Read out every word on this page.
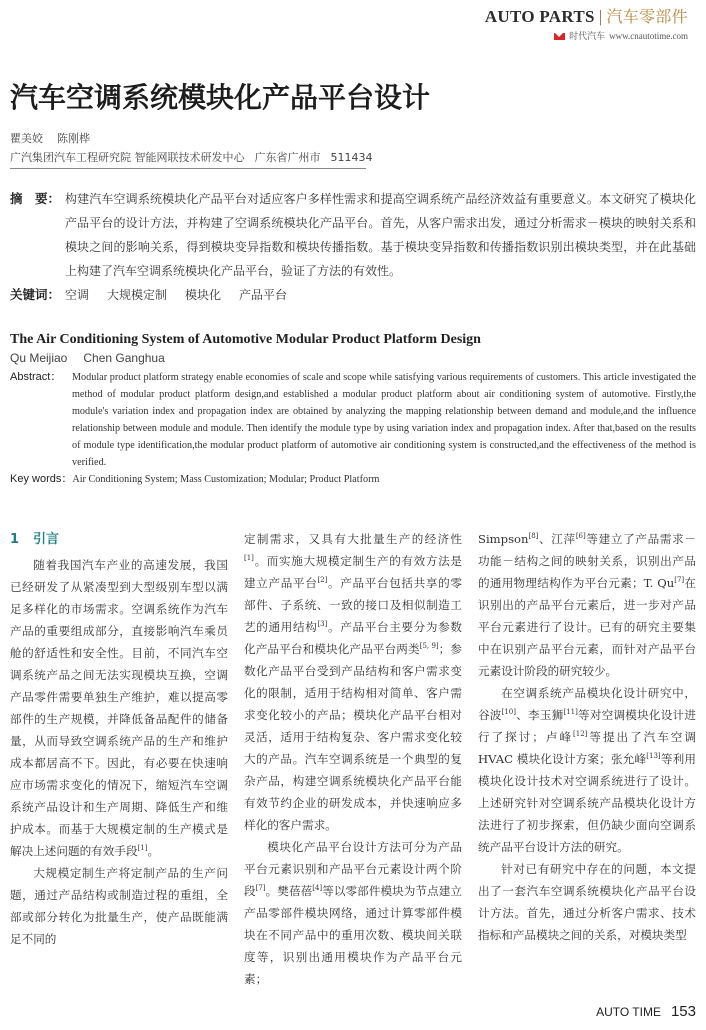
AUTO PARTS | 汽车零部件
时代汽车 www.cnautotime.com
汽车空调系统模块化产品平台设计
瞿美姣 陈刚桦
广汽集团汽车工程研究院 智能网联技术研发中心 广东省广州市 511434
摘　要： 构建汽车空调系统模块化产品平台对适应客户多样性需求和提高空调系统产品经济效益有重要意义。本文研究了模块化产品平台的设计方法，并构建了空调系统模块化产品平台。首先，从客户需求出发，通过分析需求－模块的映射关系和模块之间的影响关系，得到模块变异指数和模块传播指数。基于模块变异指数和传播指数识别出模块类型，并在此基础上构建了汽车空调系统模块化产品平台，验证了方法的有效性。
关键词： 空调 大规模定制 模块化 产品平台
The Air Conditioning System of Automotive Modular Product Platform Design
Qu Meijiao Chen Ganghua
Abstract：	Modular product platform strategy enable economies of scale and scope while satisfying various requirements of customers. This article investigated the method of modular product platform design,and established a modular product platform about air conditioning system of automotive. Firstly,the module's variation index and propagation index are obtained by analyzing the mapping relationship between demand and module,and the influence relationship between module and module. Then identify the module type by using variation index and propagation index. After that,based on the results of module type identification,the modular product platform of automotive air conditioning system is constructed,and the effectiveness of the method is verified.
Key words： Air Conditioning System; Mass Customization; Modular; Product Platform
1 引言

随着我国汽车产业的高速发展，我国已经研发了从紧凑型到大型级别车型以满足多样化的市场需求。空调系统作为汽车产品的重要组成部分，直接影响汽车乘员舱的舒适性和安全性。目前，不同汽车空调系统产品之间无法实现模块互换，空调产品零件需要单独生产维护，难以提高零部件的生产规模，并降低备品配件的储备量，从而导致空调系统产品的生产和维护成本都居高不下。因此，有必要在快速响应市场需求变化的情况下，缩短汽车空调系统产品设计和生产周期、降低生产和维护成本。而基于大规模定制的生产模式是解决上述问题的有效手段[1]。

大规模定制生产将定制产品的生产问题，通过产品结构或制造过程的重组，全部或部分转化为批量生产，使产品既能满足不同的

定制需求，又具有大批量生产的经济性[1]。而实施大规模定制生产的有效方法是建立产品平台[2]。产品平台包括共享的零部件、子系统、一致的接口及相似制造工艺的通用结构[3]。产品平台主要分为参数化产品平台和模块化产品平台两类[5, 9]；参数化产品平台受到产品结构和客户需求变化的限制，适用于结构相对简单、客户需求变化较小的产品；模块化产品平台相对灵活，适用于结构复杂、客户需求变化较大的产品。汽车空调系统是一个典型的复杂产品，构建空调系统模块化产品平台能有效节约企业的研发成本，并快速响应多样化的客户需求。

模块化产品平台设计方法可分为产品平台元素识别和产品平台元素设计两个阶段[7]。樊蓓蓓[4]等以零部件模块为节点建立产品零部件模块网络，通过计算零部件模块在不同产品中的重用次数、模块间关联度等，识别出通用模块作为产品平台元素；

Simpson[8]、江萍[6]等建立了产品需求－功能－结构之间的映射关系，识别出产品的通用物理结构作为平台元素；T. Qu[7]在识别出的产品平台元素后，进一步对产品平台元素进行了设计。已有的研究主要集中在识别产品平台元素，而针对产品平台元素设计阶段的研究较少。

在空调系统产品模块化设计研究中，谷波[10]、李玉狮[11]等对空调模块化设计进行了探讨；卢峰[12]等提出了汽车空调 HVAC 模块化设计方案；张允峰[13]等利用模块化设计技术对空调系统进行了设计。上述研究针对空调系统产品模块化设计方法进行了初步探索，但仍缺少面向空调系统产品平台设计方法的研究。

针对已有研究中存在的问题，本文提出了一套汽车空调系统模块化产品平台设计方法。首先，通过分析客户需求、技术指标和产品模块之间的关系，对模块类型

AUTO TIME 153
